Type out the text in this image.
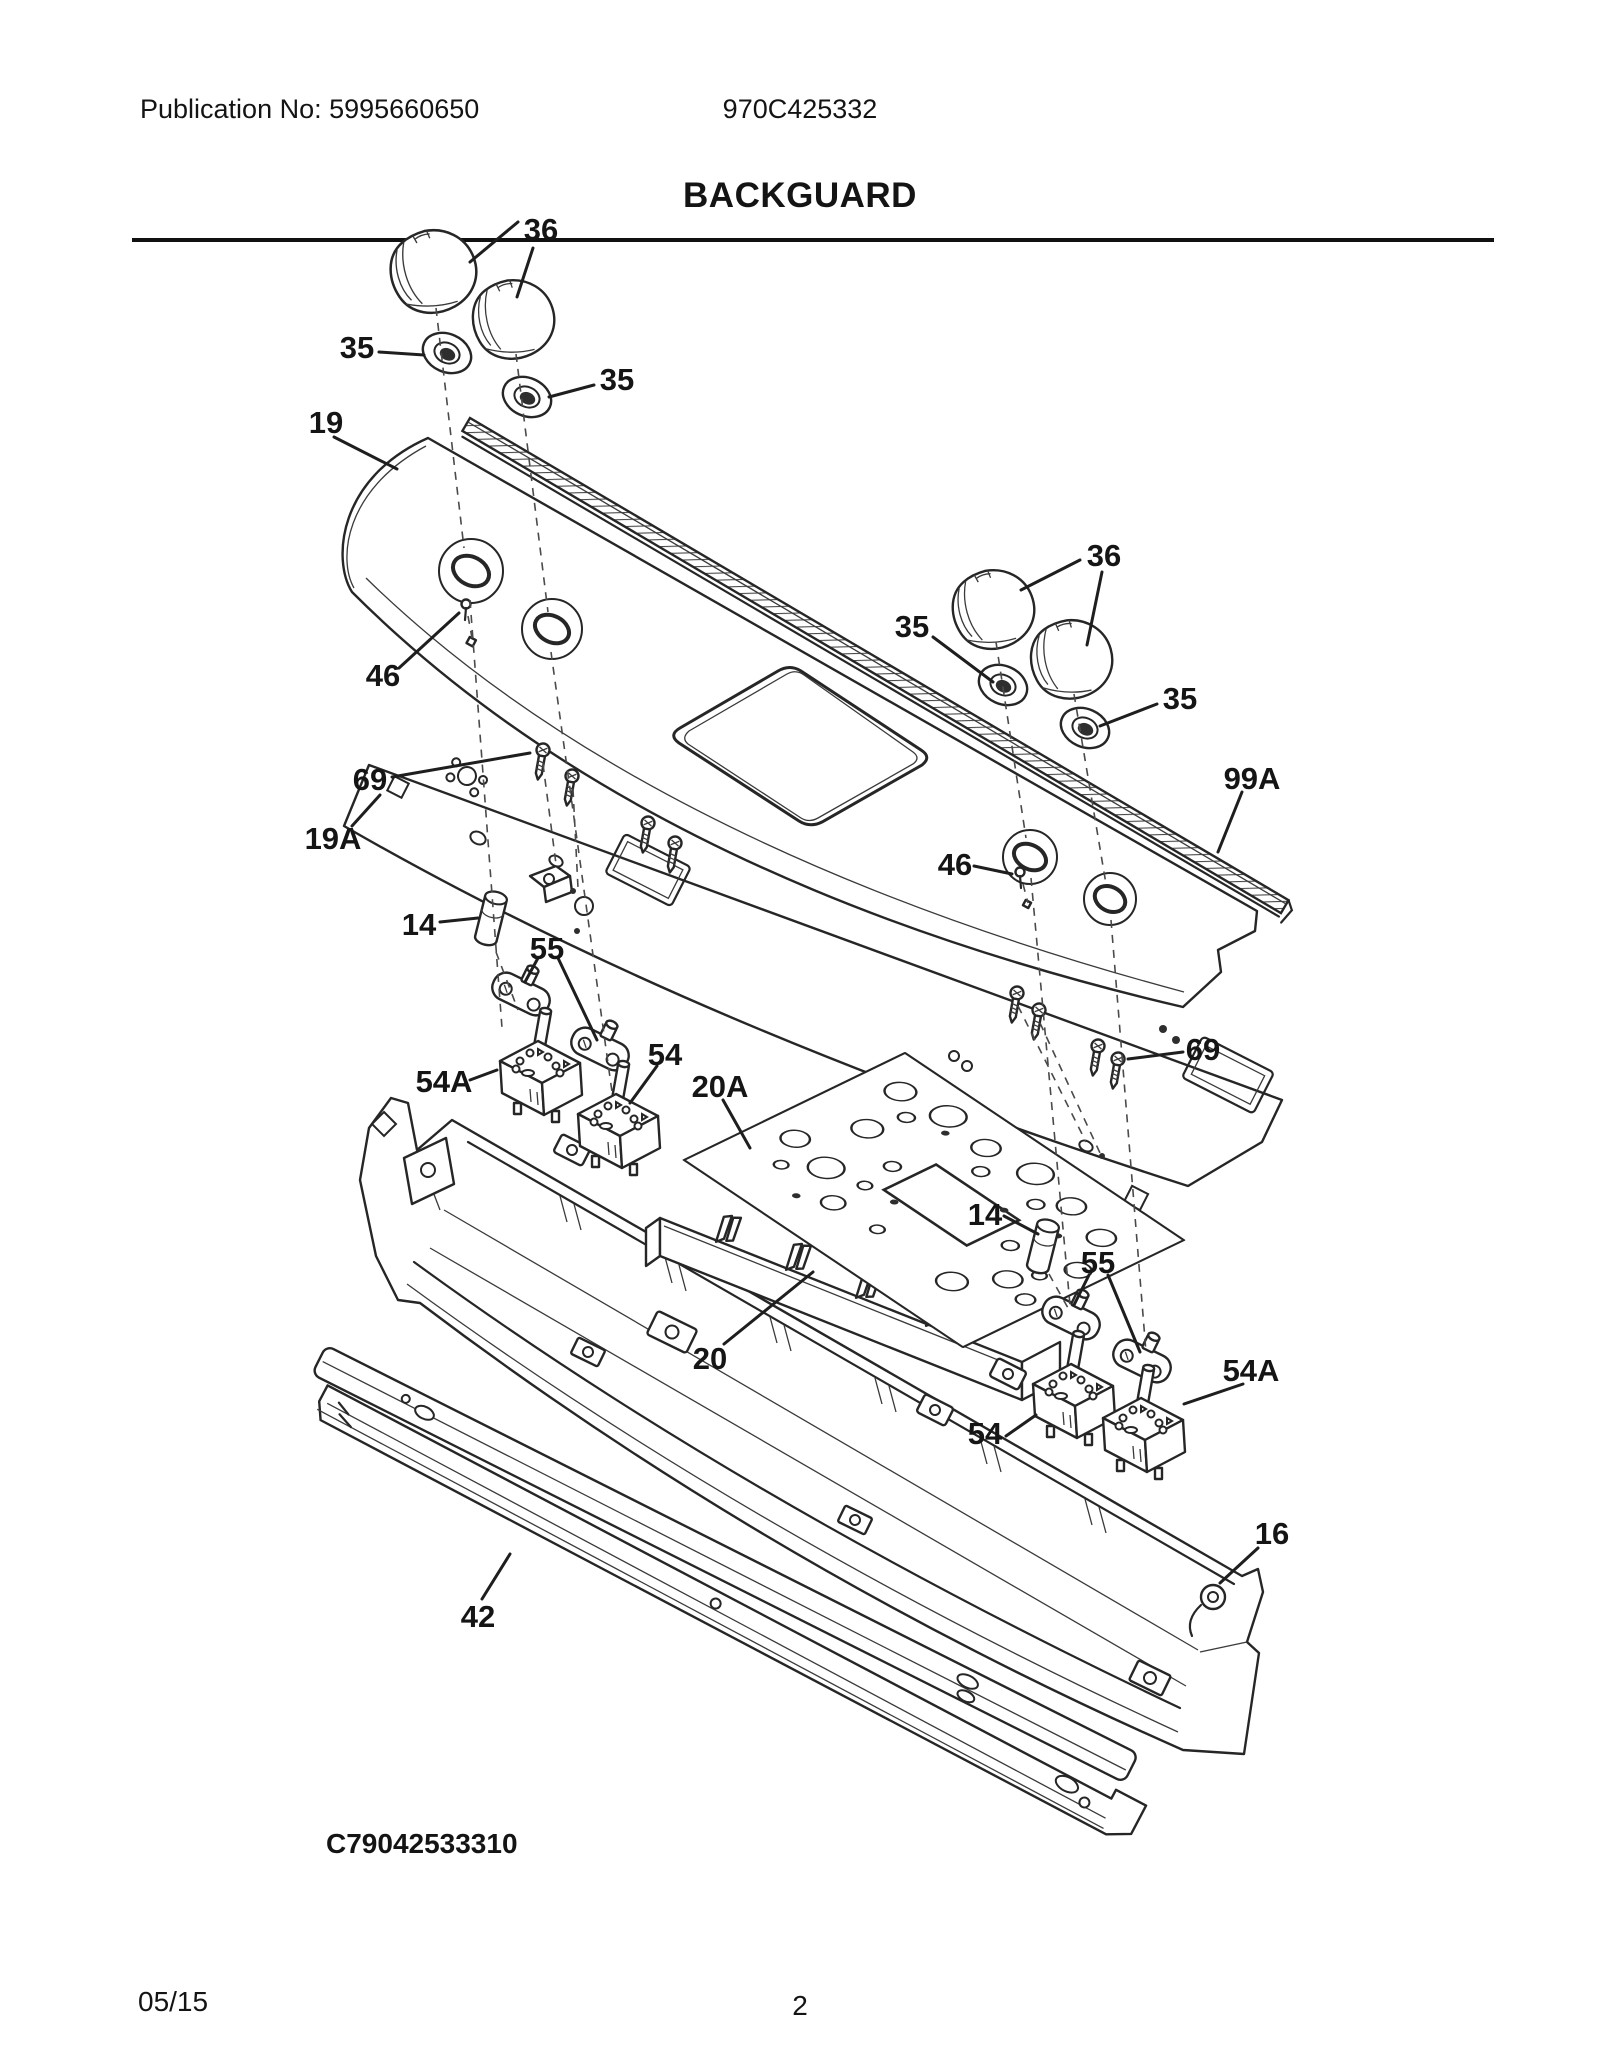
Publication No: 5995660650	970C425332
BACKGUARD
36
35
35
19
46
69
19A
14
55
54A
54
20A
36
35
35
99A
46
69
14
55
54
54A
16
20
42
C79042533310
05/15	2
